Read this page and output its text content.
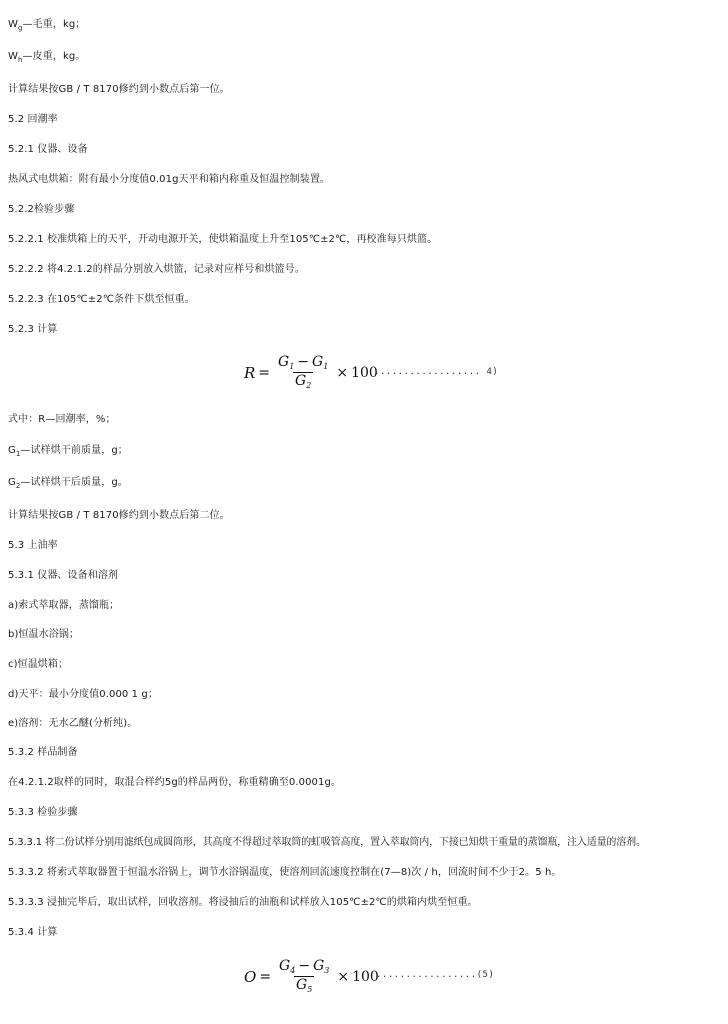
$W_g—$毛重，kg；
$W_h—$皮重，kg。
计算结果按GB / T 8170修约到小数点后第一位。
5.2 回潮率
5.2.1 仪器、设备
热风式电烘箱：附有最小分度值0.01g天平和箱内称重及恒温控制装置。
5.2.2检验步骤
5.2.2.1 校准烘箱上的天平，开动电源开关，使烘箱温度上升至105℃±2℃，再校准每只烘篮。
5.2.2.2 将4.2.1.2的样品分别放入烘篮，记录对应样号和烘篮号。
5.2.2.3 在105℃±2℃条件下烘至恒重。
5.2.3 计算
$R = \frac{G_1 - G_1}{G_2} \times 100$
.................. 4)
式中：R—回潮率，%；
$G_1—$试样烘干前质量，g；
$G_2—$试样烘干后质量，g。
计算结果按GB / T 8170修约到小数点后第二位。
5.3 上油率
5.3.1 仪器、设备和溶剂
a)索式萃取器，蒸馏瓶；
b)恒温水浴锅；
c)恒温烘箱；
d)天平：最小分度值0.000 1 g；
e)溶剂：无水乙醚(分析纯)。
5.3.2 样品制备
在4.2.1.2取样的同时，取混合样约5g的样品两份，称重精确至0.0001g。
5.3.3 检验步骤
5.3.3.1 将二份试样分别用滤纸包成圆筒形，其高度不得超过萃取筒的虹吸管高度，置入萃取筒内，下接已知烘干重量的蒸馏瓶，注入适量的溶剂。
5.3.3.2 将索式萃取器置于恒温水浴锅上，调节水浴锅温度，使溶剂回流速度控制在(7—8)次 / h，回流时间不少于2。5 h。
5.3.3.3 浸抽完毕后，取出试样，回收溶剂。将浸抽后的油瓶和试样放入105℃±2℃的烘箱内烘至恒重。
5.3.4 计算
$O = \frac{G_4 - G_3}{G_5} \times 100$
.................(5)
